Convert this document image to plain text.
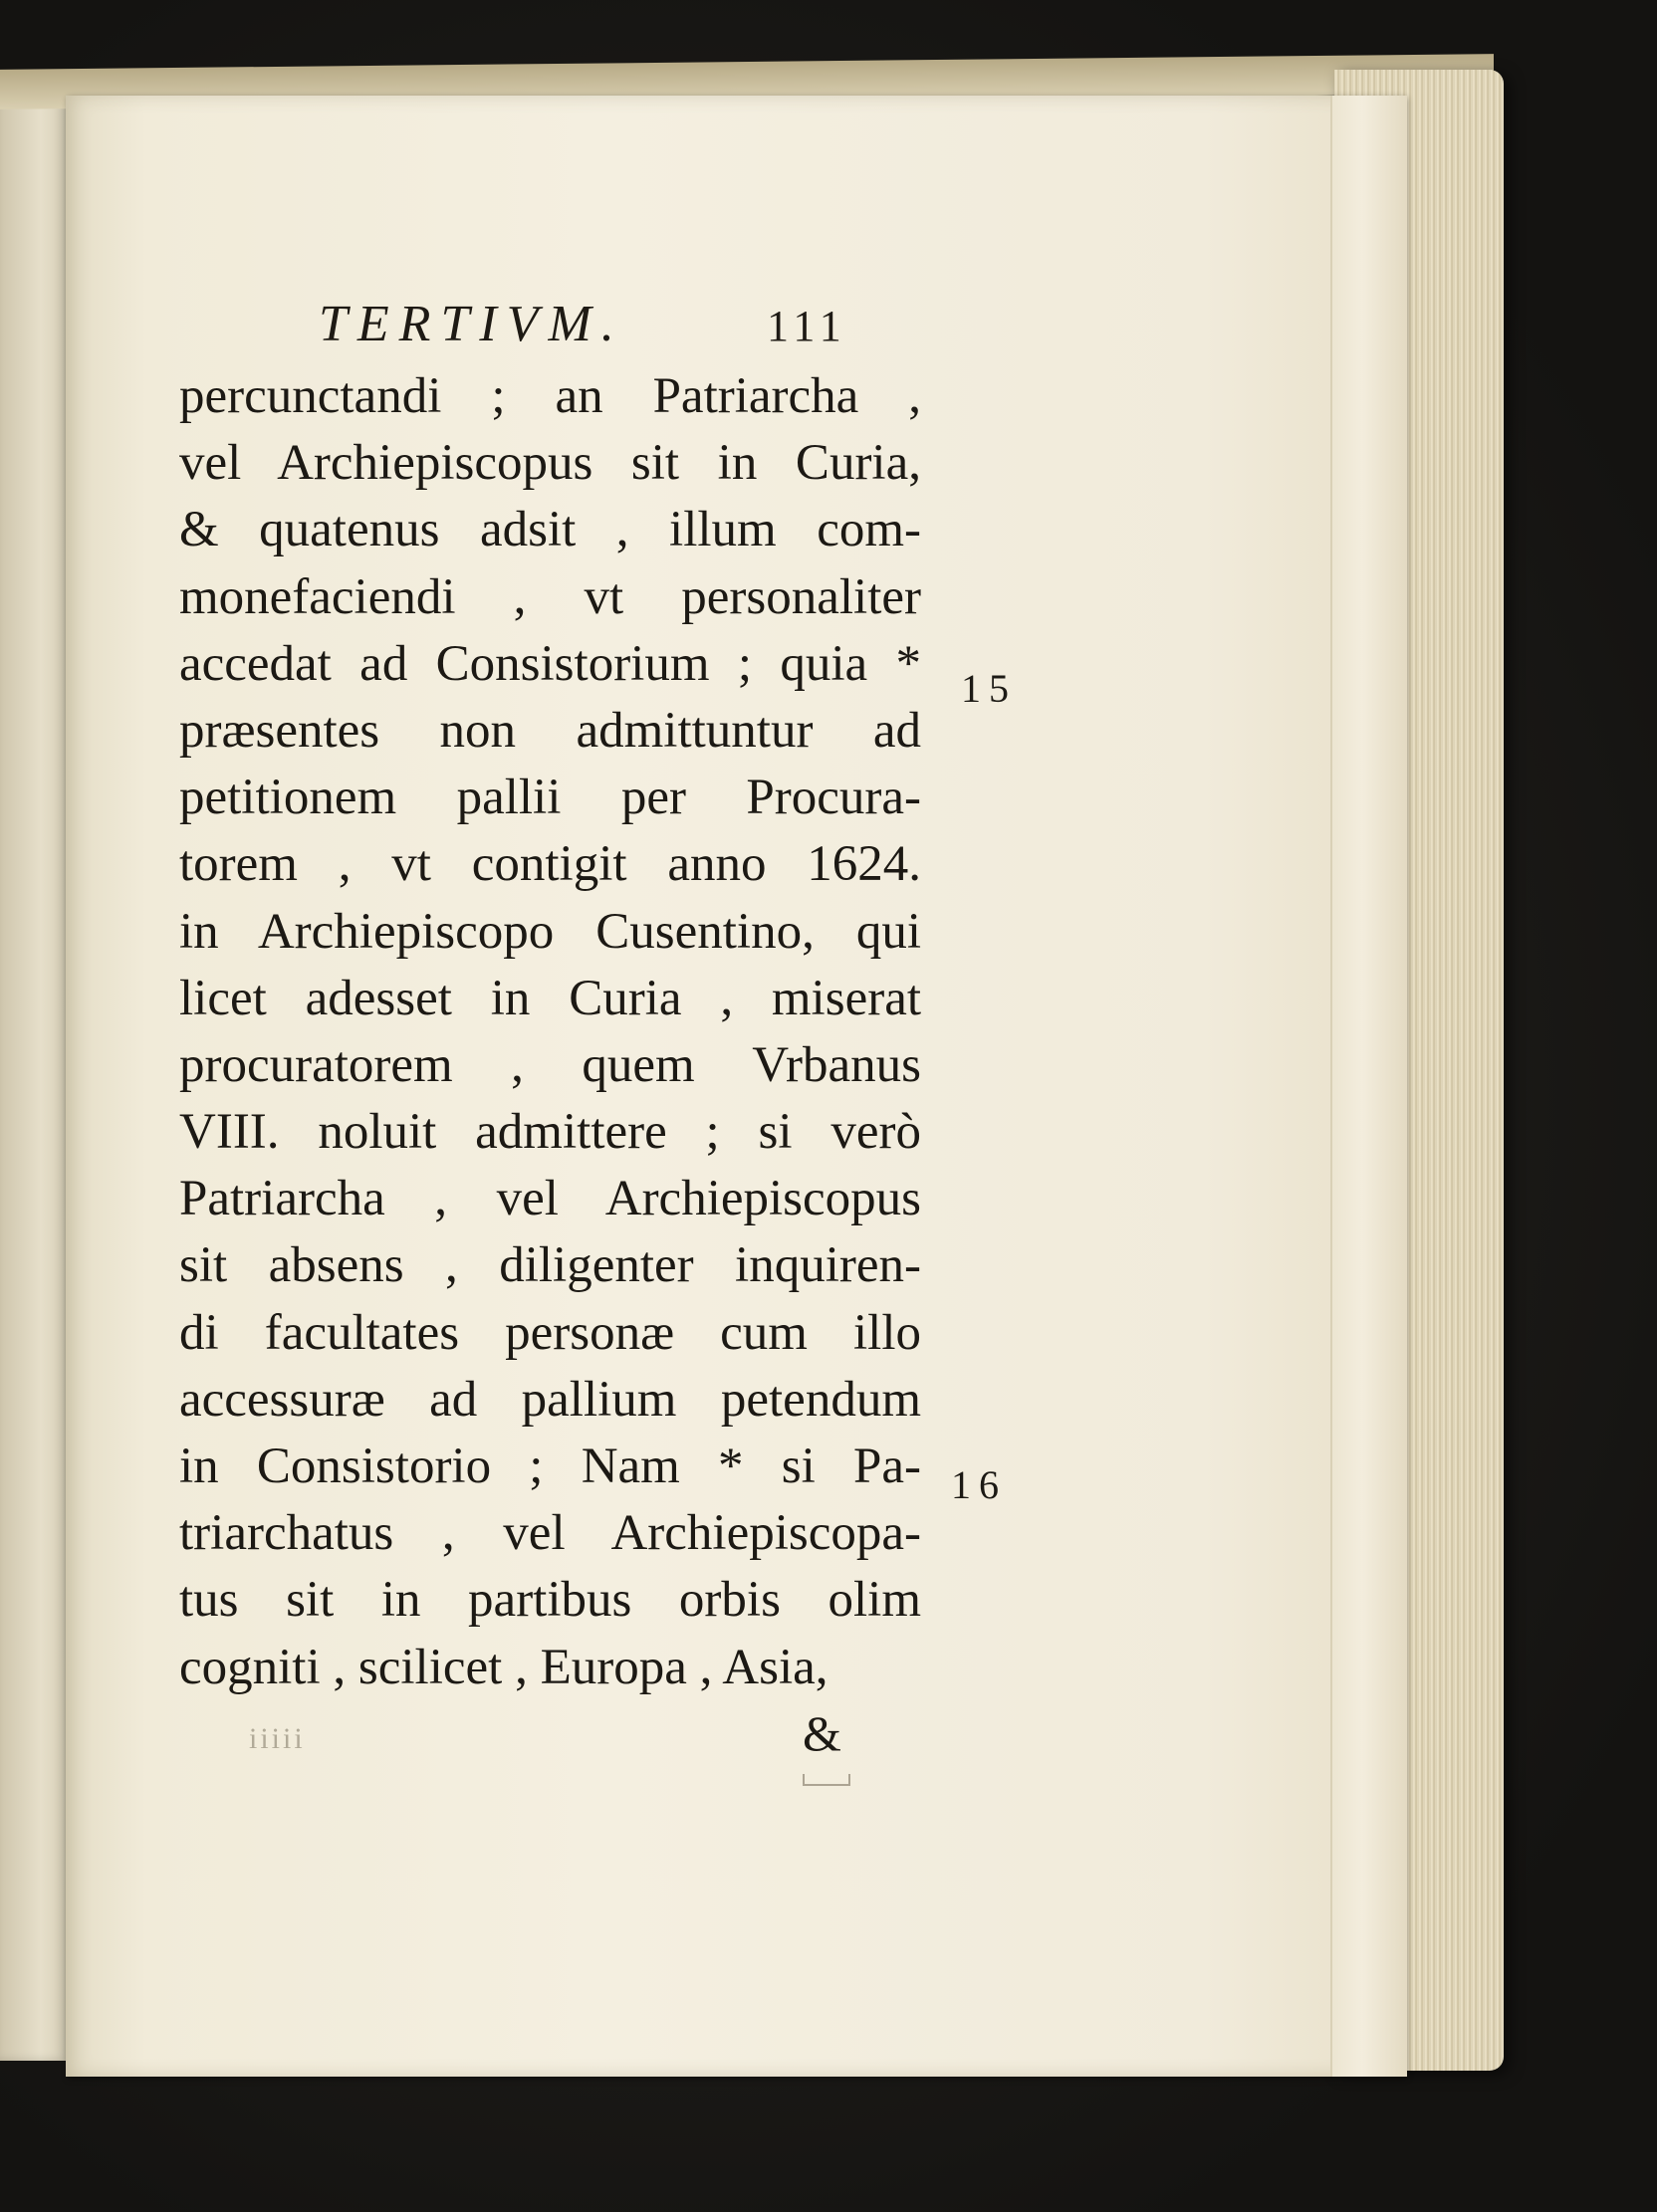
TERTIVM.	111
percunctandi ; an Patriarcha ,
vel Archiepiscopus sit in Curia,
& quatenus adsit , illum com-
monefaciendi , vt personaliter
accedat ad Consistorium ; quia *
præsentes non admittuntur ad
petitionem pallii per Procura-
torem , vt contigit anno 1624.
in Archiepiscopo Cusentino, qui
licet adesset in Curia , miserat
procuratorem , quem Vrbanus
VIII. noluit admittere ; si verò
Patriarcha , vel Archiepiscopus
sit absens , diligenter inquiren-
di facultates personæ cum illo
accessuræ ad pallium petendum
in Consistorio ; Nam * si Pa-
triarchatus , vel Archiepiscopa-
tus sit in partibus orbis olim
cogniti , scilicet , Europa , Asia,
15
16
iiiii	&
